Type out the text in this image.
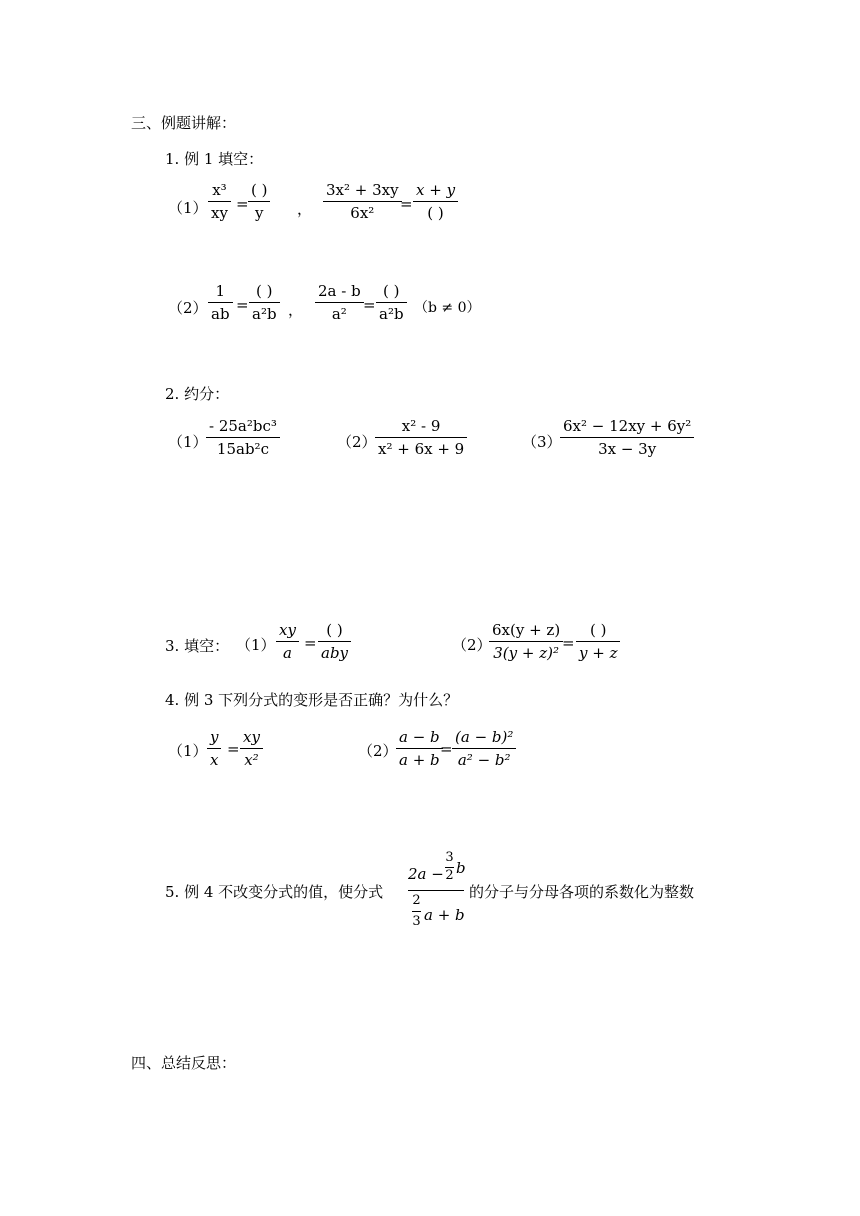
三、例题讲解：
1. 例 1 填空：
（1）
x³
xy =
( )
y ，
3x² + 3xy
6x² =
x + y
( )
（2）
1
ab =
( )
a²b ，
2a - b
a² =
( )
a²b （b ≠ 0）
2. 约分：
（1）
- 25a²bc³
15ab²c	（2）
x² - 9
x² + 6x + 9	（3）
6x² − 12xy + 6y²
3x − 3y
3. 填空： （1）
xy
a
=
( )
aby	（2）
6x(y + z)
3(y + z)²
=
( )
y + z
4. 例 3 下列分式的变形是否正确？为什么？
（1）
y
x
=
xy
x²	（2）
a − b
a + b
=
(a − b)²
a² − b²
5. 例 4 不改变分式的值，使分式
2a −
3
2 b
2
3 a + b
的分子与分母各项的系数化为整数
四、总结反思：
